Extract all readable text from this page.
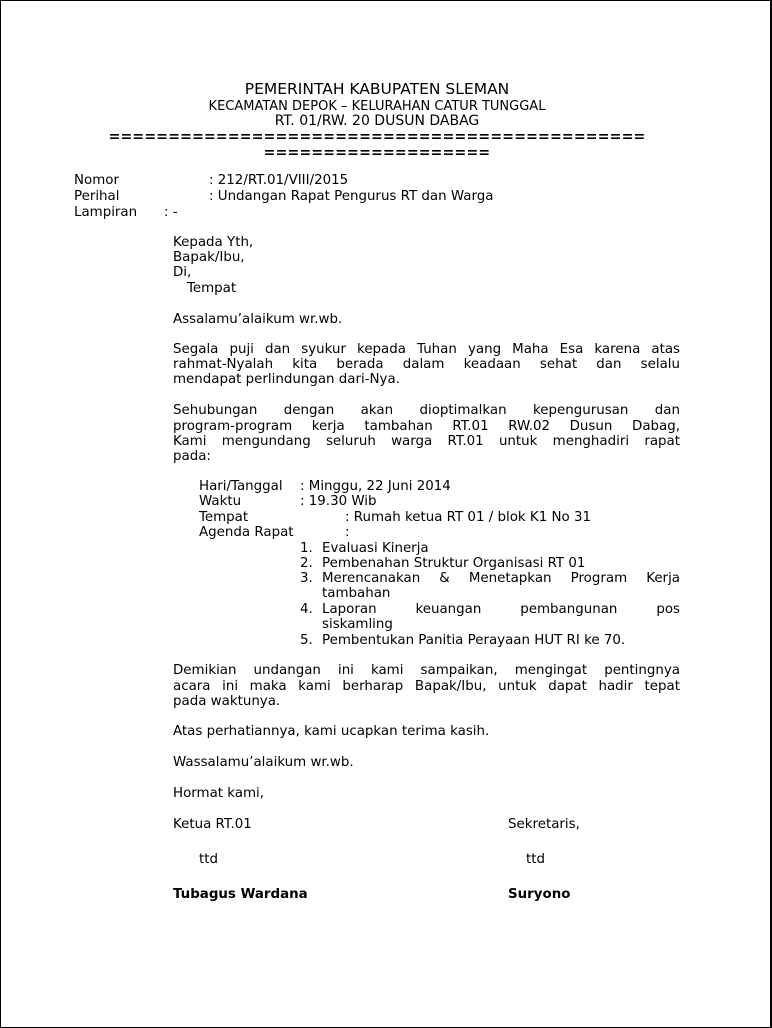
PEMERINTAH KABUPATEN SLEMAN
KECAMATAN DEPOK – KELURAHAN CATUR TUNGGAL
RT. 01/RW. 20 DUSUN DABAG
=============================================
===================
Nomor	: 212/RT.01/VIII/2015
Perihal	: Undangan Rapat Pengurus RT dan Warga
Lampiran : -
Kepada Yth,
Bapak/Ibu,
Di,
Tempat
Assalamu’alaikum wr.wb.
Segala puji dan syukur kepada Tuhan yang Maha Esa karena atas
rahmat-Nyalah kita berada dalam keadaan sehat dan selalu
mendapat perlindungan dari-Nya.
Sehubungan dengan akan dioptimalkan kepengurusan dan
program-program kerja tambahan RT.01 RW.02 Dusun Dabag,
Kami mengundang seluruh warga RT.01 untuk menghadiri rapat
pada:
Hari/Tanggal : Minggu, 22 Juni 2014
Waktu	: 19.30 Wib
Tempat	: Rumah ketua RT 01 / blok K1 No 31
Agenda Rapat	:
1. Evaluasi Kinerja
2. Pembenahan Struktur Organisasi RT 01
3. Merencanakan & Menetapkan Program Kerja
tambahan
4. Laporan keuangan pembangunan pos
siskamling
5. Pembentukan Panitia Perayaan HUT RI ke 70.
Demikian undangan ini kami sampaikan, mengingat pentingnya
acara ini maka kami berharap Bapak/Ibu, untuk dapat hadir tepat
pada waktunya.
Atas perhatiannya, kami ucapkan terima kasih.
Wassalamu’alaikum wr.wb.
Hormat kami,
Ketua RT.01	Sekretaris,
ttd	ttd
Tubagus Wardana	Suryono
